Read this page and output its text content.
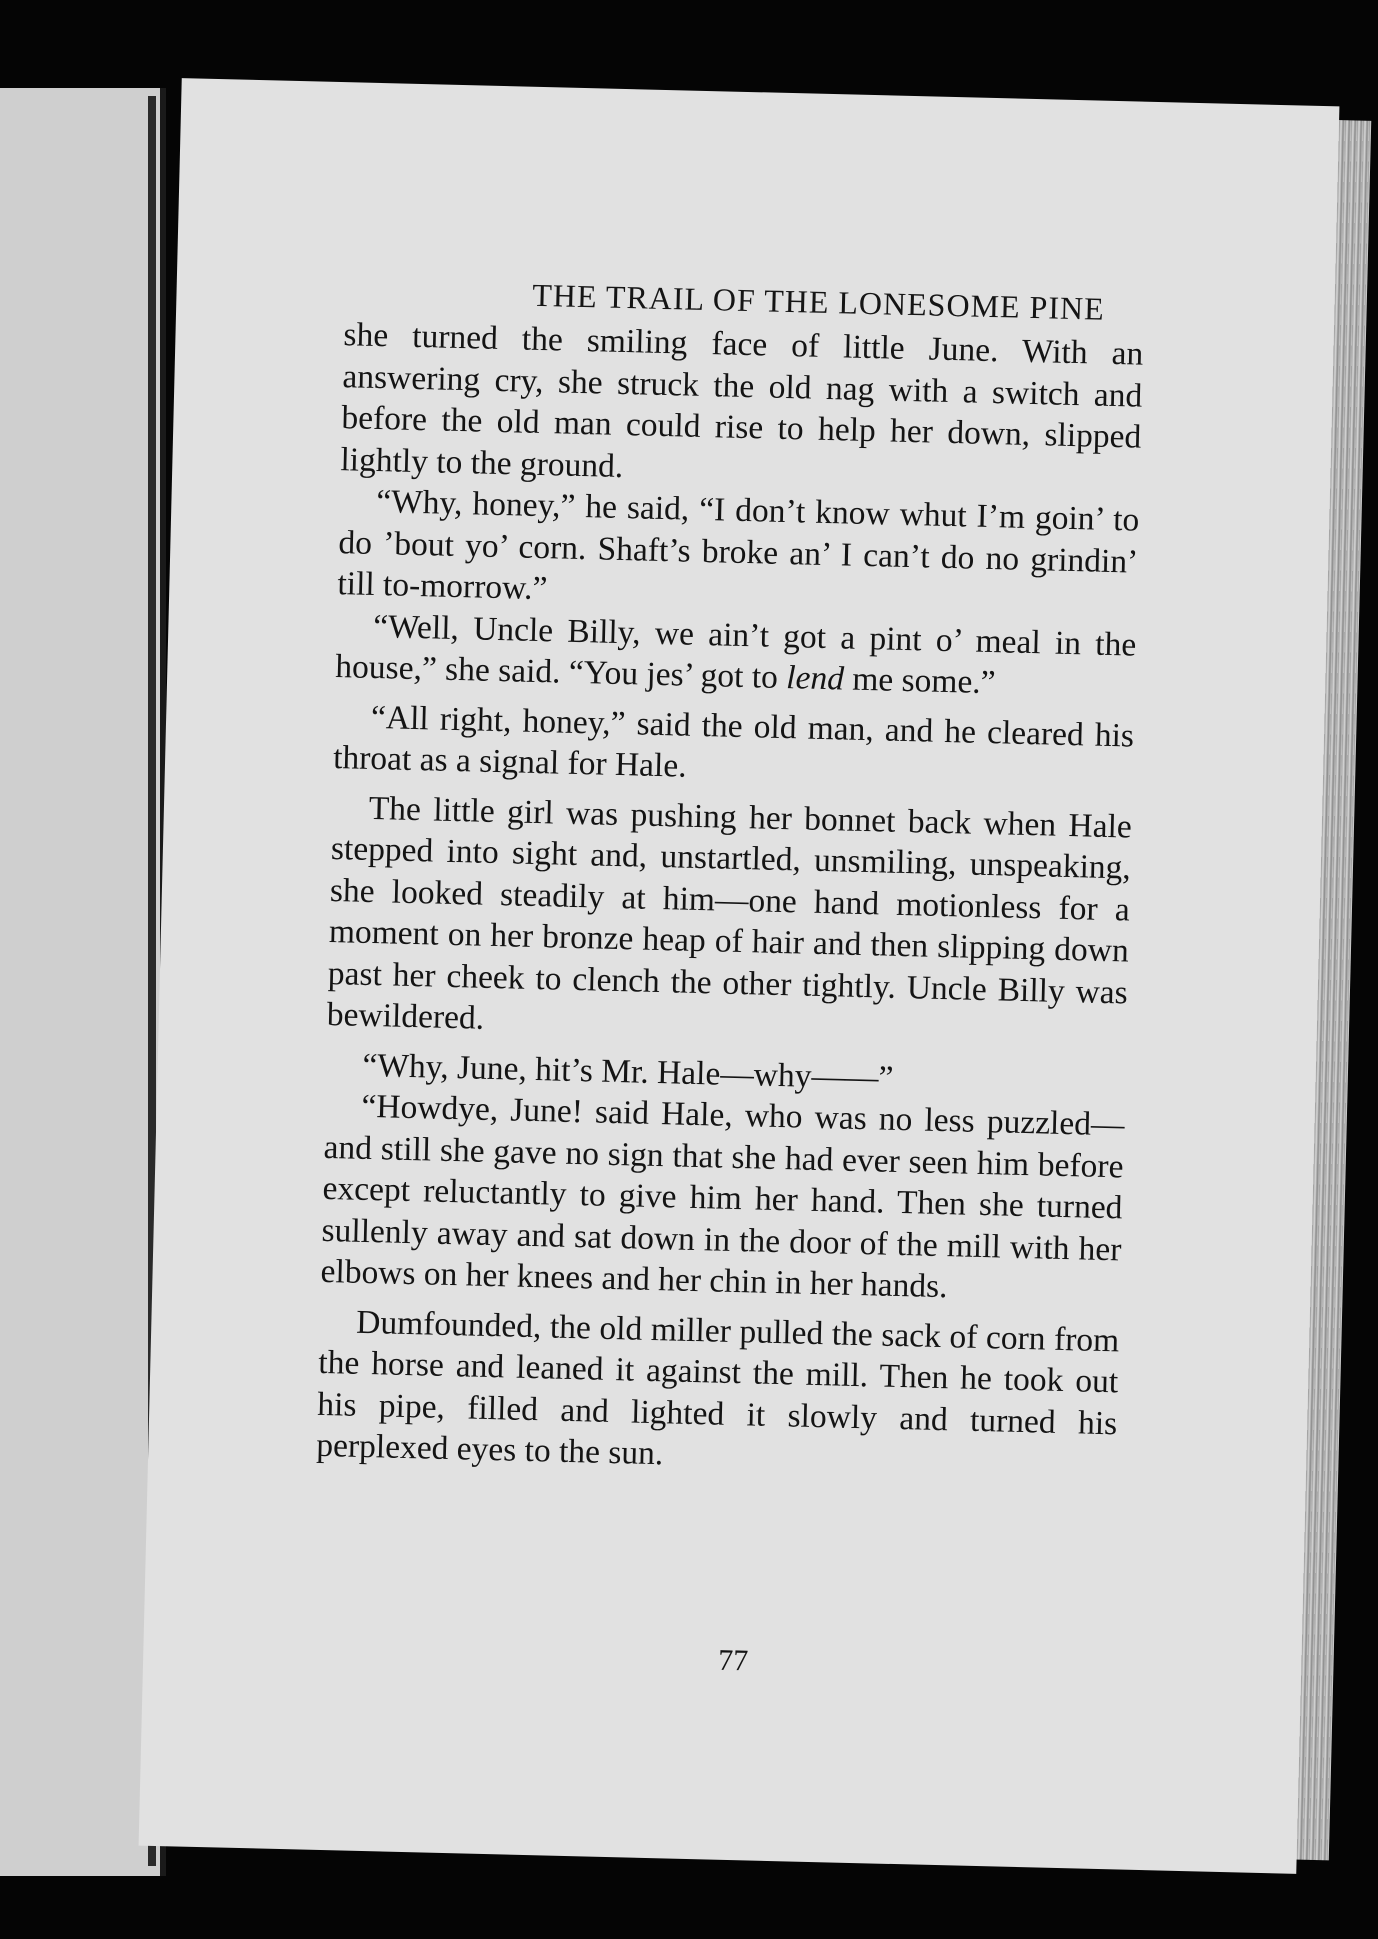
THE TRAIL OF THE LONESOME PINE

she turned the smiling face of little June. With an answering cry, she struck the old nag with a switch and before the old man could rise to help her down, slipped lightly to the ground.

“Why, honey,” he said, “I don’t know whut I’m goin’ to do ’bout yo’ corn. Shaft’s broke an’ I can’t do no grindin’ till to-morrow.”

“Well, Uncle Billy, we ain’t got a pint o’ meal in the house,” she said. “You jes’ got to lend me some.”

“All right, honey,” said the old man, and he cleared his throat as a signal for Hale.

The little girl was pushing her bonnet back when Hale stepped into sight and, unstartled, unsmiling, unspeaking, she looked steadily at him—one hand motionless for a moment on her bronze heap of hair and then slipping down past her cheek to clench the other tightly. Uncle Billy was bewildered.

“Why, June, hit’s Mr. Hale—why——”

“Howdye, June! said Hale, who was no less puzzled—and still she gave no sign that she had ever seen him before except reluctantly to give him her hand. Then she turned sullenly away and sat down in the door of the mill with her elbows on her knees and her chin in her hands.

Dumfounded, the old miller pulled the sack of corn from the horse and leaned it against the mill. Then he took out his pipe, filled and lighted it slowly and turned his perplexed eyes to the sun.

77
